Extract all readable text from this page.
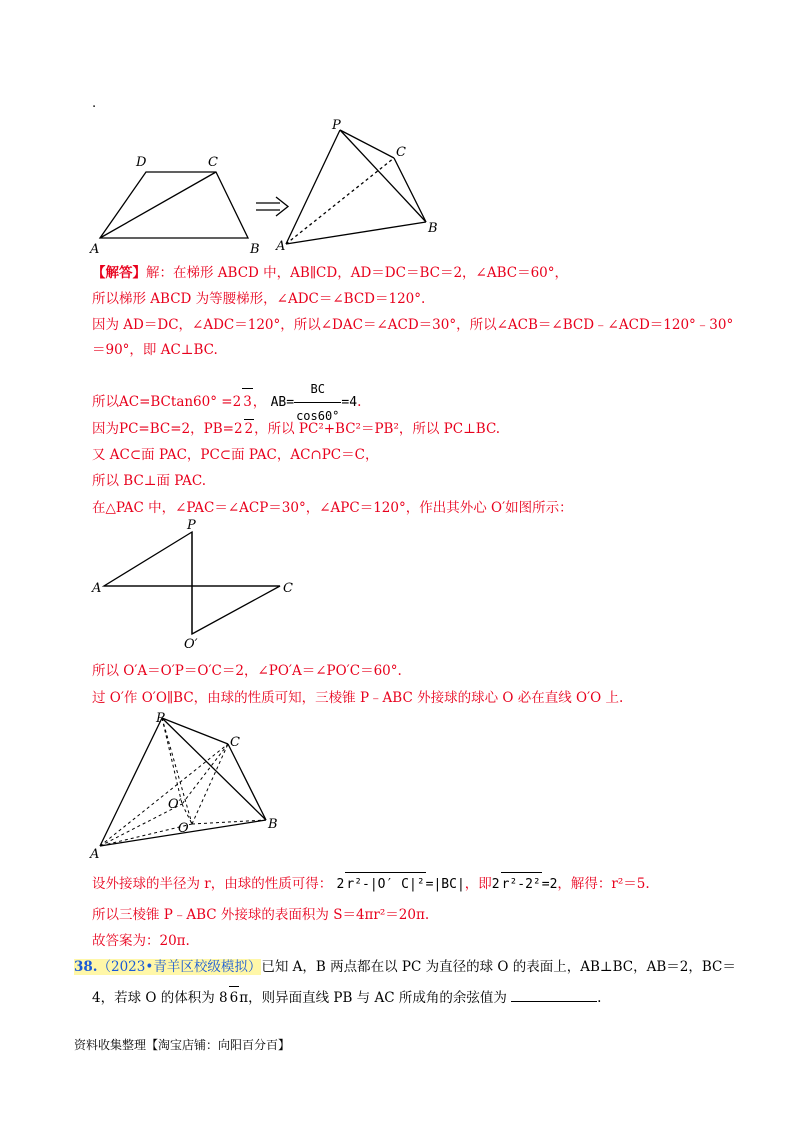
.
A	B
C
D
P
C
A
B
【解答】解：在梯形 ABCD 中，AB∥CD，AD＝DC＝BC＝2，∠ABC＝60°，
所以梯形 ABCD 为等腰梯形，∠ADC＝∠BCD＝120°.
因为 AD＝DC，∠ADC＝120°，所以∠DAC＝∠ACD＝30°，所以∠ACB＝∠BCD﹣∠ACD＝120°﹣30°
＝90°，即 AC⊥BC.
所以AC=BCtan60° =2 3， $AB= \frac{BC}{\cos 60^\circ} =4$.
因为PC=BC=2，PB=2 2，所以 PC²+BC²＝PB²，所以 PC⊥BC.
又 AC⊂面 PAC，PC⊂面 PAC，AC∩PC＝C，
所以 BC⊥面 PAC.
在△PAC 中，∠PAC＝∠ACP＝30°，∠APC＝120°，作出其外心 O′如图所示：
P
A	C
O′
所以 O′A＝O′P＝O′C＝2，∠PO′A＝∠PO′C＝60°.
过 O′作 O′O∥BC，由球的性质可知，三棱锥 P﹣ABC 外接球的球心 O 必在直线 O′O 上.
P
C
O′
O
A
B
设外接球的半径为 r，由球的性质可得： 2 r²-|O′ C|²=|BC|，即2 r²-2²=2，解得：r²＝5.
所以三棱锥 P﹣ABC 外接球的表面积为 S＝4πr²＝20π.
故答案为：20π.
38.（2023•青羊区校级模拟）已知 A，B 两点都在以 PC 为直径的球 O 的表面上，AB⊥BC，AB＝2，BC＝
4，若球 O 的体积为 8 6π，则异面直线 PB 与 AC 所成角的余弦值为	.
资料收集整理【淘宝店铺：向阳百分百】
